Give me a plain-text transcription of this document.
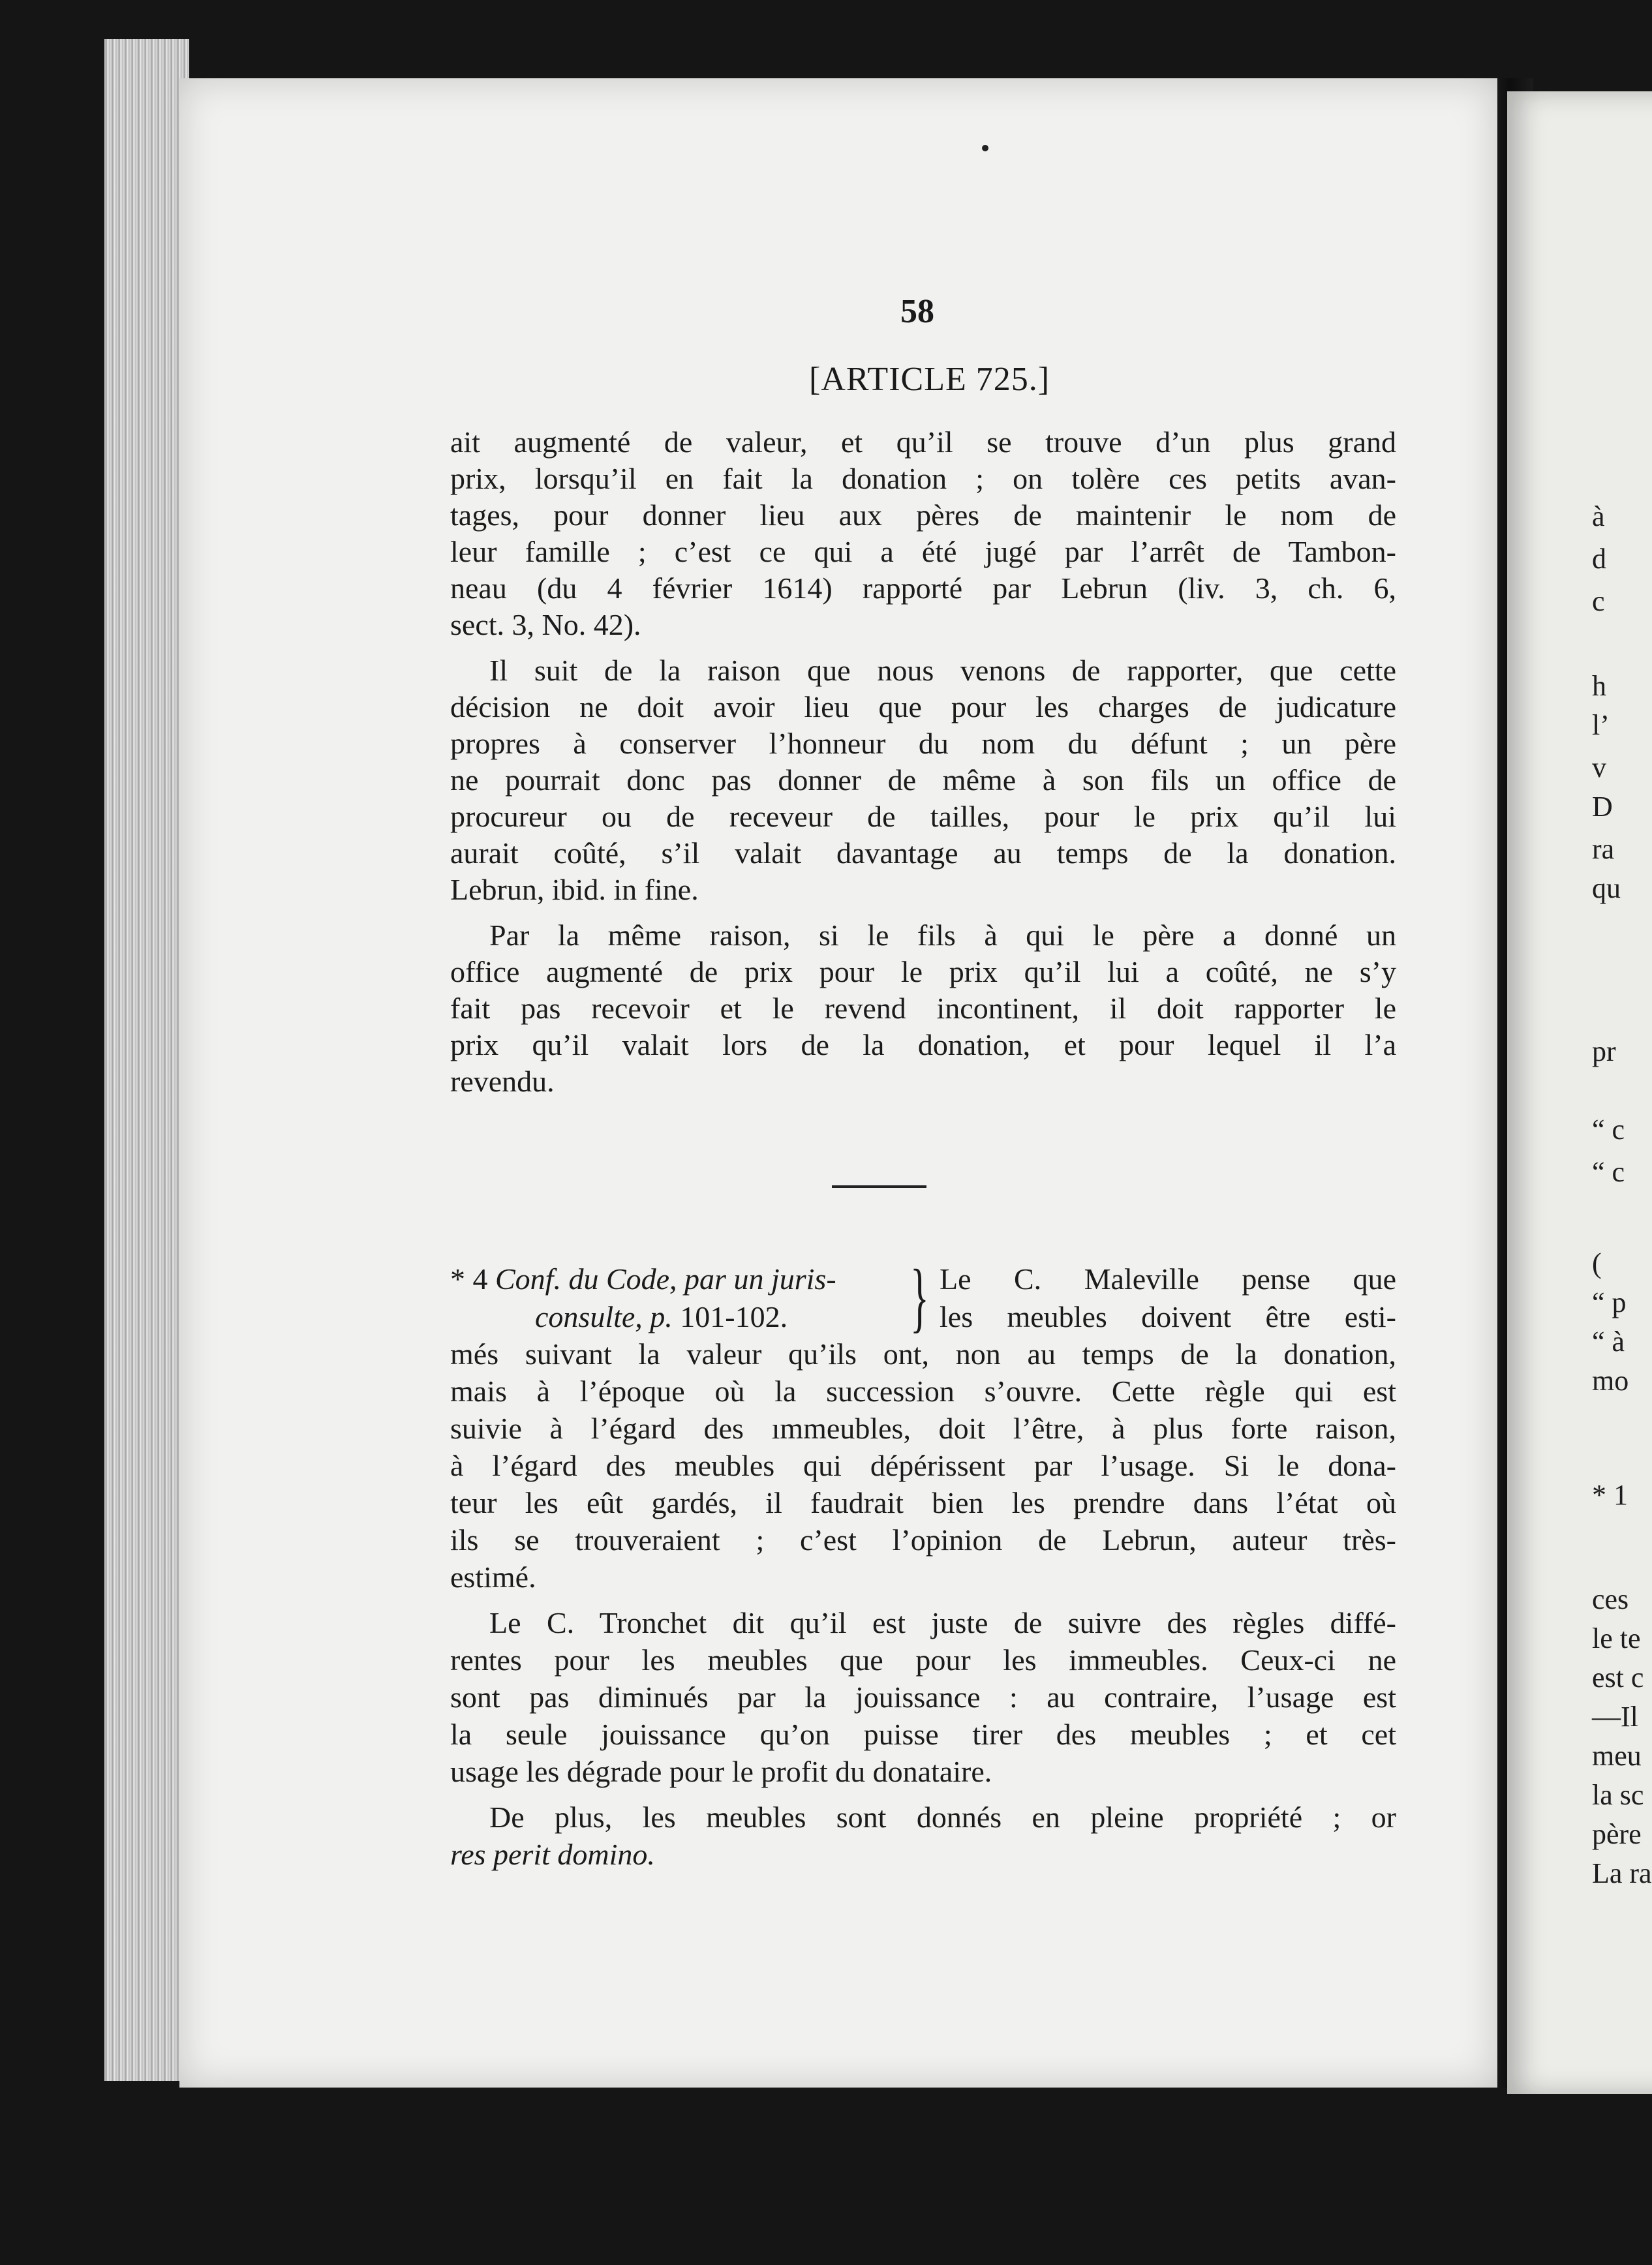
58
[ARTICLE 725.]
ait augmenté de valeur, et qu’il se trouve d’un plus grand
prix, lorsqu’il en fait la donation ; on tolère ces petits avan-
tages, pour donner lieu aux pères de maintenir le nom de
leur famille ; c’est ce qui a été jugé par l’arrêt de Tambon-
neau (du 4 février 1614) rapporté par Lebrun (liv. 3, ch. 6,
sect. 3, No. 42).
Il suit de la raison que nous venons de rapporter, que cette
décision ne doit avoir lieu que pour les charges de judicature
propres à conserver l’honneur du nom du défunt ; un père
ne pourrait donc pas donner de même à son fils un office de
procureur ou de receveur de tailles, pour le prix qu’il lui
aurait coûté, s’il valait davantage au temps de la donation.
Lebrun, ibid. in fine.
Par la même raison, si le fils à qui le père a donné un
office augmenté de prix pour le prix qu’il lui a coûté, ne s’y
fait pas recevoir et le revend incontinent, il doit rapporter le
prix qu’il valait lors de la donation, et pour lequel il l’a
revendu.
* 4 Conf. du Code, par un juris-
consulte, p. 101-102.	} Le C. Maleville pense que
les meubles doivent être esti-
més suivant la valeur qu’ils ont, non au temps de la donation,
mais à l’époque où la succession s’ouvre. Cette règle qui est
suivie à l’égard des ımmeubles, doit l’être, à plus forte raison,
à l’égard des meubles qui dépérissent par l’usage. Si le dona-
teur les eût gardés, il faudrait bien les prendre dans l’état où
ils se trouveraient ; c’est l’opinion de Lebrun, auteur très-
estimé.
Le C. Tronchet dit qu’il est juste de suivre des règles diffé-
rentes pour les meubles que pour les immeubles. Ceux-ci ne
sont pas diminués par la jouissance : au contraire, l’usage est
la seule jouissance qu’on puisse tirer des meubles ; et cet
usage les dégrade pour le profit du donataire.
De plus, les meubles sont donnés en pleine propriété ; or
res perit domino.
à
d
c
h
l’
v
D
ra
qu
pr
“ c
“ c
(
“ p
“ à
mo
* 1
ces
le te
est c
—Il
meu
la sc
père
La ra
